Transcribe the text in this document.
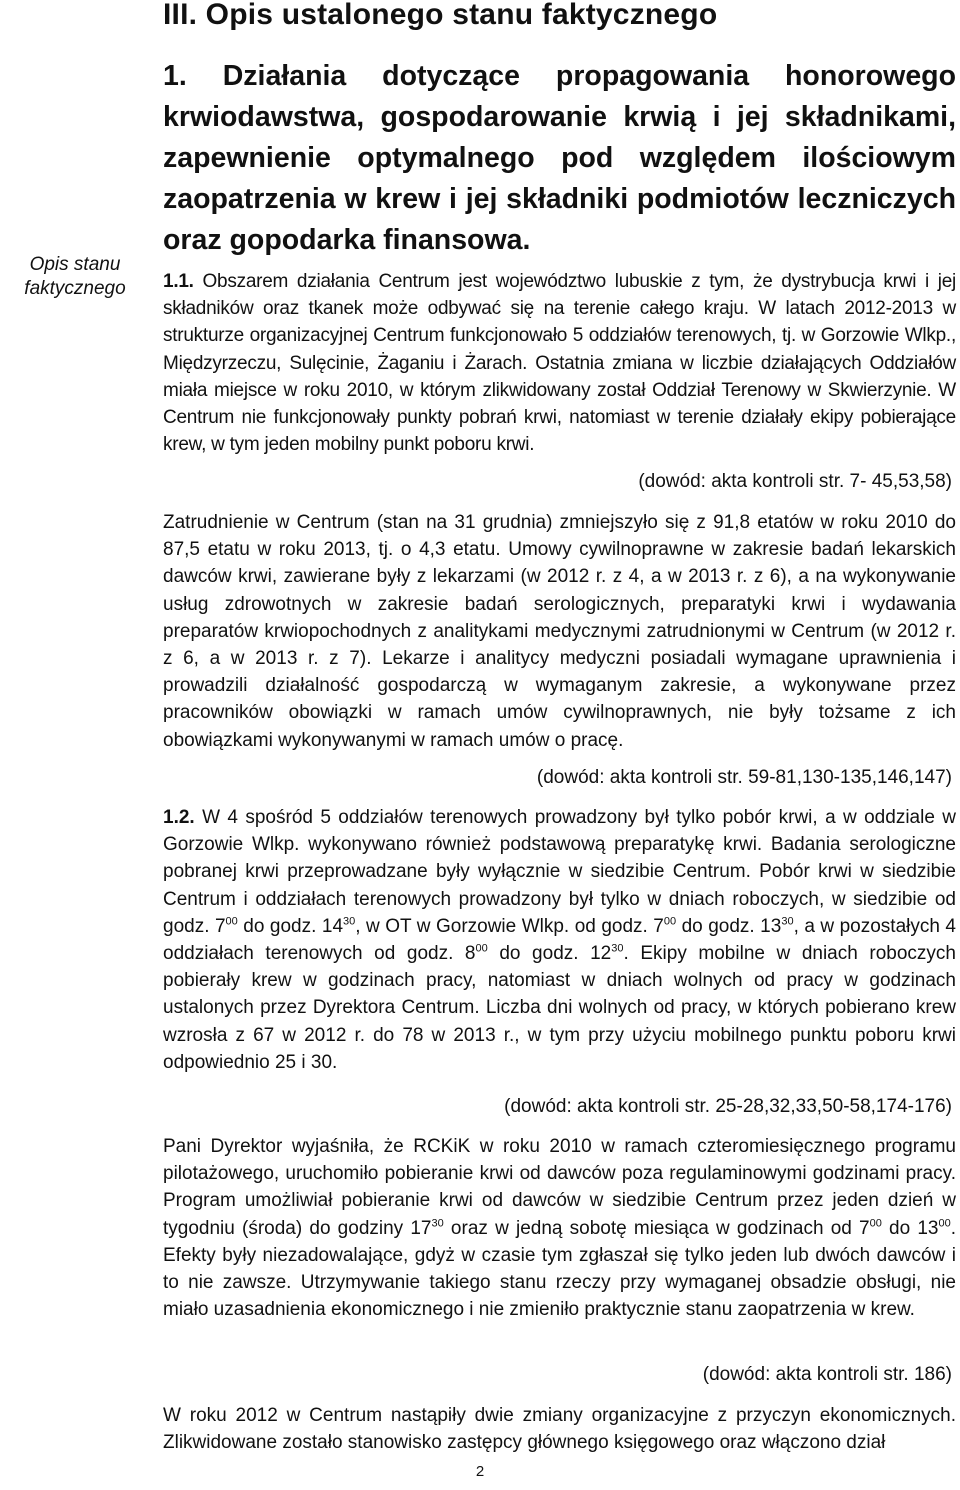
Opis stanu
faktycznego
III. Opis ustalonego stanu faktycznego
1. Działania dotyczące propagowania honorowego krwiodawstwa, gospodarowanie krwią i jej składnikami, zapewnienie optymalnego pod względem ilościowym zaopatrzenia w krew i jej składniki podmiotów leczniczych oraz gopodarka finansowa.
1.1. Obszarem działania Centrum jest województwo lubuskie z tym, że dystrybucja krwi i jej składników oraz tkanek może odbywać się na terenie całego kraju. W latach 2012-2013 w strukturze organizacyjnej Centrum funkcjonowało 5 oddziałów terenowych, tj. w Gorzowie Wlkp., Międzyrzeczu, Sulęcinie, Żaganiu i Żarach. Ostatnia zmiana w liczbie działających Oddziałów miała miejsce w roku 2010, w którym zlikwidowany został Oddział Terenowy w Skwierzynie. W Centrum nie funkcjonowały punkty pobrań krwi, natomiast w terenie działały ekipy pobierające krew, w tym jeden mobilny punkt poboru krwi.
(dowód: akta kontroli str. 7- 45,53,58)
Zatrudnienie w Centrum (stan na 31 grudnia) zmniejszyło się z 91,8 etatów w roku 2010 do 87,5 etatu w roku 2013, tj. o 4,3 etatu. Umowy cywilnoprawne w zakresie badań lekarskich dawców krwi, zawierane były z lekarzami (w 2012 r. z 4, a w 2013 r. z 6), a na wykonywanie usług zdrowotnych w zakresie badań serologicznych, preparatyki krwi i wydawania preparatów krwiopochodnych z analitykami medycznymi zatrudnionymi w Centrum (w 2012 r. z 6, a w 2013 r. z 7). Lekarze i analitycy medyczni posiadali wymagane uprawnienia i prowadzili działalność gospodarczą w wymaganym zakresie, a wykonywane przez pracowników obowiązki w ramach umów cywilnoprawnych, nie były tożsame z ich obowiązkami wykonywanymi w ramach umów o pracę.
(dowód: akta kontroli str. 59-81,130-135,146,147)
1.2. W 4 spośród 5 oddziałów terenowych prowadzony był tylko pobór krwi, a w oddziale w Gorzowie Wlkp. wykonywano również podstawową preparatykę krwi. Badania serologiczne pobranej krwi przeprowadzane były wyłącznie w siedzibie Centrum. Pobór krwi w siedzibie Centrum i oddziałach terenowych prowadzony był tylko w dniach roboczych, w siedzibie od godz. $7^{00}$ do godz. $14^{30}$, w OT w Gorzowie Wlkp. od godz. $7^{00}$ do godz. $13^{30}$, a w pozostałych 4 oddziałach terenowych od godz. $8^{00}$ do godz. $12^{30}$. Ekipy mobilne w dniach roboczych pobierały krew w godzinach pracy, natomiast w dniach wolnych od pracy w godzinach ustalonych przez Dyrektora Centrum. Liczba dni wolnych od pracy, w których pobierano krew wzrosła z 67 w 2012 r. do 78 w 2013 r., w tym przy użyciu mobilnego punktu poboru krwi odpowiednio 25 i 30.
(dowód: akta kontroli str. 25-28,32,33,50-58,174-176)
Pani Dyrektor wyjaśniła, że RCKiK w roku 2010 w ramach czteromiesięcznego programu pilotażowego, uruchomiło pobieranie krwi od dawców poza regulaminowymi godzinami pracy. Program umożliwiał pobieranie krwi od dawców w siedzibie Centrum przez jeden dzień w tygodniu (środa) do godziny $17^{30}$ oraz w jedną sobotę miesiąca w godzinach od $7^{00}$ do $13^{00}$. Efekty były niezadowalające, gdyż w czasie tym zgłaszał się tylko jeden lub dwóch dawców i to nie zawsze. Utrzymywanie takiego stanu rzeczy przy wymaganej obsadzie obsługi, nie miało uzasadnienia ekonomicznego i nie zmieniło praktycznie stanu zaopatrzenia w krew.
(dowód: akta kontroli str. 186)
W roku 2012 w Centrum nastąpiły dwie zmiany organizacyjne z przyczyn ekonomicznych. Zlikwidowane zostało stanowisko zastępcy głównego księgowego oraz włączono dział
2
